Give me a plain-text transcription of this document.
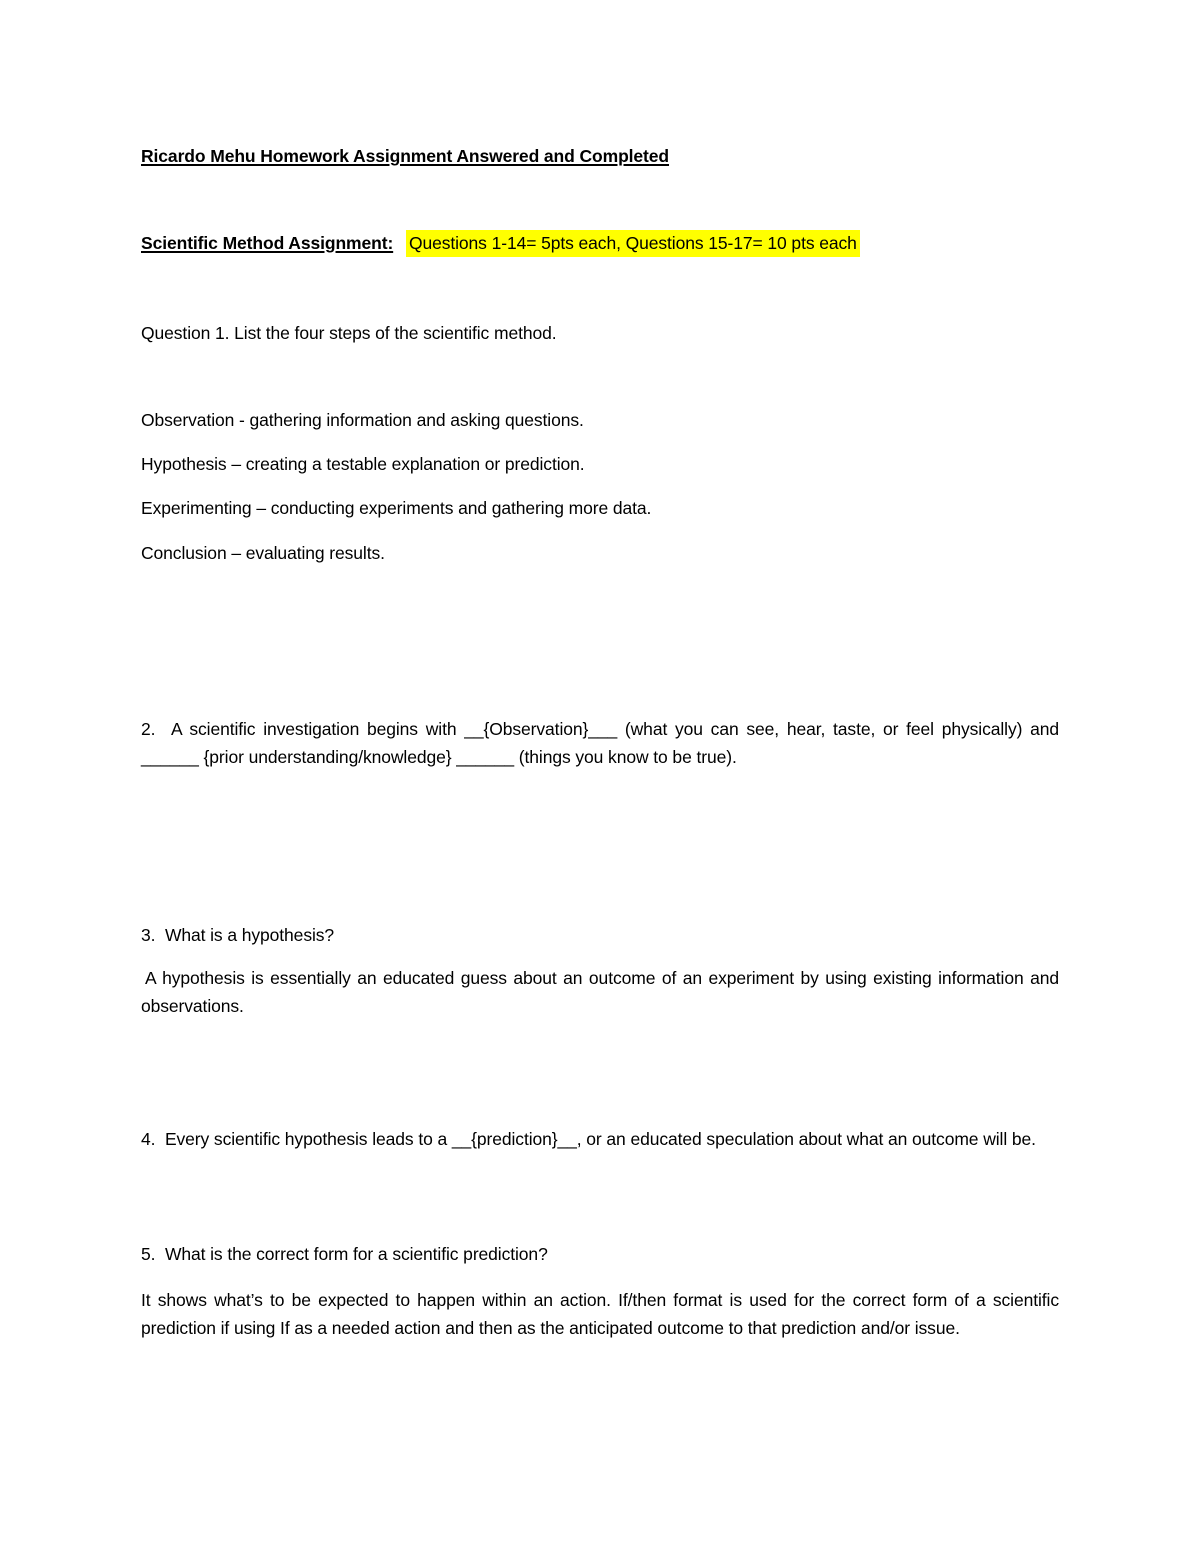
Ricardo Mehu Homework Assignment Answered and Completed
Scientific Method Assignment: Questions 1-14= 5pts each, Questions 15-17= 10 pts each
Question 1. List the four steps of the scientific method.
Observation - gathering information and asking questions.
Hypothesis – creating a testable explanation or prediction.
Experimenting – conducting experiments and gathering more data.
Conclusion – evaluating results.
2. A scientific investigation begins with __{Observation}___ (what you can see, hear, taste, or feel physically) and ______ {prior understanding/knowledge} ______ (things you know to be true).
3. What is a hypothesis?
A hypothesis is essentially an educated guess about an outcome of an experiment by using existing information and observations.
4. Every scientific hypothesis leads to a __{prediction}__, or an educated speculation about what an outcome will be.
5. What is the correct form for a scientific prediction?
It shows what’s to be expected to happen within an action. If/then format is used for the correct form of a scientific prediction if using If as a needed action and then as the anticipated outcome to that prediction and/or issue.
